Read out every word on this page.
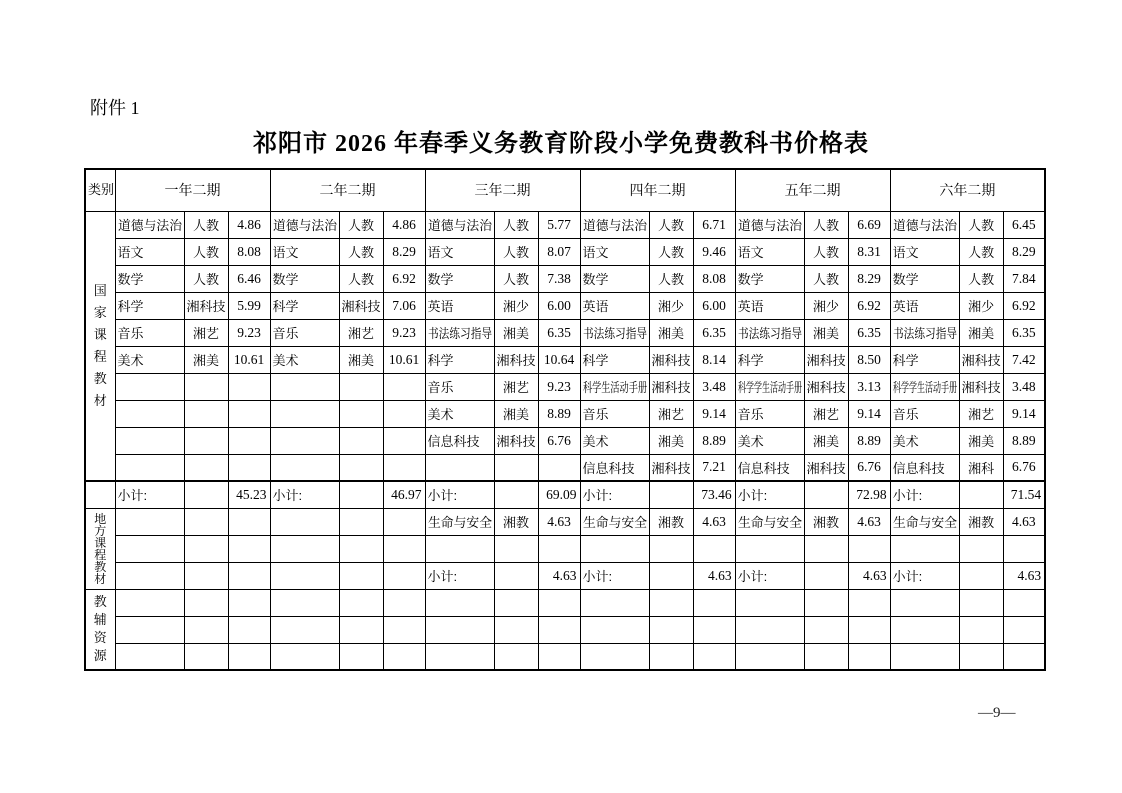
附件 1
祁阳市 2026 年春季义务教育阶段小学免费教科书价格表
类别	一年二期			二年二期			三年二期			四年二期			五年二期			六年二期		

国
家
课
程
教
材
	道德与法治	人教	4.86	道德与法治	人教	4.86	道德与法治	人教	5.77	道德与法治	人教	6.71	道德与法治	人教	6.69	道德与法治	人教	6.45
	语文	人教	8.08	语文	人教	8.29	语文	人教	8.07	语文	人教	9.46	语文	人教	8.31	语文	人教	8.29
	数学	人教	6.46	数学	人教	6.92	数学	人教	7.38	数学	人教	8.08	数学	人教	8.29	数学	人教	7.84
	科学	湘科技	5.99	科学	湘科技	7.06	英语	湘少	6.00	英语	湘少	6.00	英语	湘少	6.92	英语	湘少	6.92
	音乐	湘艺	9.23	音乐	湘艺	9.23	书法练习指导	湘美	6.35	书法练习指导	湘美	6.35	书法练习指导	湘美	6.35	书法练习指导	湘美	6.35
	美术	湘美	10.61	美术	湘美	10.61	科学	湘科技	10.64	科学	湘科技	8.14	科学	湘科技	8.50	科学	湘科技	7.42
							音乐	湘艺	9.23	科学生活动手册	湘科技	3.48	科学学生活动手册	湘科技	3.13	科学学生活动手册	湘科技	3.48
							美术	湘美	8.89	音乐	湘艺	9.14	音乐	湘艺	9.14	音乐	湘艺	9.14
							信息科技	湘科技	6.76	美术	湘美	8.89	美术	湘美	8.89	美术	湘美	8.89
										信息科技	湘科技	7.21	信息科技	湘科技	6.76	信息科技	湘科	6.76
	小计:		45.23	小计:		46.97	小计:		69.09	小计:		73.46	小计:		72.98	小计:		71.54

地
方
课
程
教
材
							生命与安全	湘教	4.63	生命与安全	湘教	4.63	生命与安全	湘教	4.63	生命与安全	湘教	4.63

							小计:		4.63	小计:		4.63	小计:		4.63	小计:		4.63

教
辅
资
源																		

—9—
